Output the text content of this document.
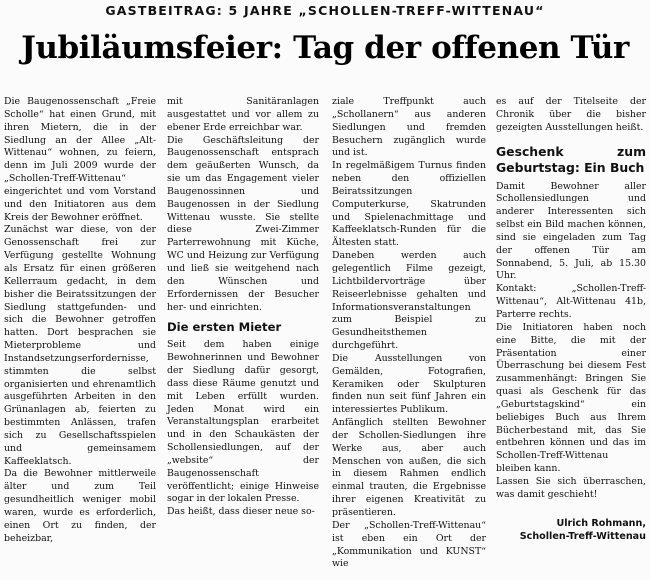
GASTBEITRAG: 5 JAHRE „SCHOLLEN-TREFF-WITTENAU“
Jubiläumsfeier: Tag der offenen Tür

Die Baugenossenschaft „Freie Scholle“ hat einen Grund, mit ihren Mietern, die in der Siedlung an der Allee „Alt-Wittenau“ wohnen, zu feiern, denn im Juli 2009 wurde der „Schollen-Treff-Wittenau“ eingerichtet und vom Vorstand und den Initiatoren aus dem Kreis der Bewohner eröffnet.

Zunächst war diese, von der Genossenschaft frei zur Verfügung gestellte Wohnung als Ersatz für einen größeren Kellerraum gedacht, in dem bisher die Beiratssitzungen der Siedlung stattgefunden- und sich die Bewohner getroffen hatten. Dort besprachen sie Mieterprobleme und Instandsetzungserfordernisse, stimmten die selbst organisierten und ehrenamtlich ausgeführten Arbeiten in den Grünanlagen ab, feierten zu bestimmten Anlässen, trafen sich zu Gesellschaftsspielen und gemeinsamem Kaffeeklatsch.

Da die Bewohner mittlerweile älter und zum Teil gesundheitlich weniger mobil waren, wurde es erforderlich, einen Ort zu finden, der beheizbar,

mit Sanitäranlagen ausgestattet und vor allem zu ebener Erde erreichbar war.

Die Geschäftsleitung der Baugenossenschaft entsprach dem geäußerten Wunsch, da sie um das Engagement vieler Baugenossinnen und Baugenossen in der Siedlung Wittenau wusste. Sie stellte diese Zwei-Zimmer Parterrewohnung mit Küche, WC und Heizung zur Verfügung und ließ sie weitgehend nach den Wünschen und Erfordernissen der Besucher her- und einrichten.

Die ersten Mieter

Seit dem haben einige Bewohnerinnen und Bewohner der Siedlung dafür gesorgt, dass diese Räume genutzt und mit Leben erfüllt wurden. Jeden Monat wird ein Veranstaltungsplan erarbeitet und in den Schaukästen der Schollensiedlungen, auf der „website“ der Baugenossenschaft veröffentlicht; einige Hinweise sogar in der lokalen Presse.

Das heißt, dass dieser neue so-

ziale Treffpunkt auch „Schollanern“ aus anderen Siedlungen und fremden Besuchern zugänglich wurde und ist.

In regelmäßigem Turnus finden neben den offiziellen Beiratssitzungen Computerkurse, Skatrunden und Spielenachmittage und Kaffeeklatsch-Runden für die Ältesten statt.

Daneben werden auch gelegentlich Filme gezeigt, Lichtbildervorträge über Reiseerlebnisse gehalten und Informationsveranstaltungen zum Beispiel zu Gesundheitsthemen durchgeführt.

Die Ausstellungen von Gemälden, Fotografien, Keramiken oder Skulpturen finden nun seit fünf Jahren ein interessiertes Publikum.

Anfänglich stellten Bewohner der Schollen-Siedlungen ihre Werke aus, aber auch Menschen von außen, die sich in diesem Rahmen endlich einmal trauten, die Ergebnisse ihrer eigenen Kreativität zu präsentieren.

Der „Schollen-Treff-Wittenau“ ist eben ein Ort der „Kommunikation und KUNST“ wie

es auf der Titelseite der Chronik über die bisher gezeigten Ausstellungen heißt.

Geschenk zum Geburtstag: Ein Buch

Damit Bewohner aller Schollensiedlungen und anderer Interessenten sich selbst ein Bild machen können, sind sie eingeladen zum Tag der offenen Tür am Sonnabend, 5. Juli, ab 15.30 Uhr.

Kontakt: „Schollen-Treff-Wittenau“, Alt-Wittenau 41b, Parterre rechts.

Die Initiatoren haben noch eine Bitte, die mit der Präsentation einer Überraschung bei diesem Fest zusammenhängt: Bringen Sie quasi als Geschenk für das „Geburtstagskind“ ein beliebiges Buch aus Ihrem Bücherbestand mit, das Sie entbehren können und das im Schollen-Treff-Wittenau bleiben kann.

Lassen Sie sich überraschen, was damit geschieht!

Ulrich Rohmann,
Schollen-Treff-Wittenau
